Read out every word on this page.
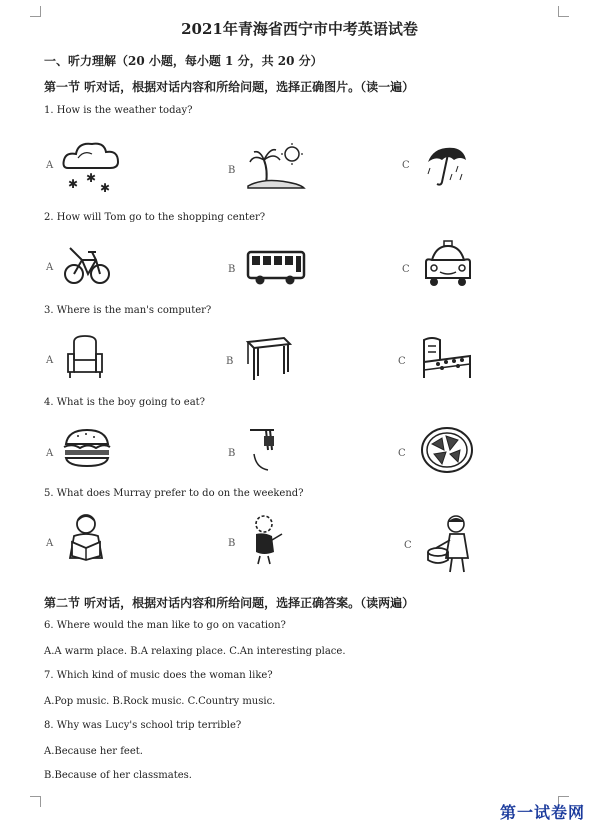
2021年青海省西宁市中考英语试卷
一、听力理解（20 小题，每小题 1 分，共 20 分）
第一节 听对话，根据对话内容和所给问题，选择正确图片。（读一遍）
1. How is the weather today?
A
✱ ✱
✱
B	C
2. How will Tom go to the shopping center?
A	B	C
3. Where is the man's computer?
A	B	C
4. What is the boy going to eat?
A	B	C
5. What does Murray prefer to do on the weekend?
A	B	C
第二节 听对话，根据对话内容和所给问题，选择正确答案。（读两遍）
6. Where would the man like to go on vacation?
A.A warm place. B.A relaxing place. C.An interesting place.
7. Which kind of music does the woman like?
A.Pop music. B.Rock music. C.Country music.
8. Why was Lucy's school trip terrible?
A.Because her feet.
B.Because of her classmates.
第一试卷网
